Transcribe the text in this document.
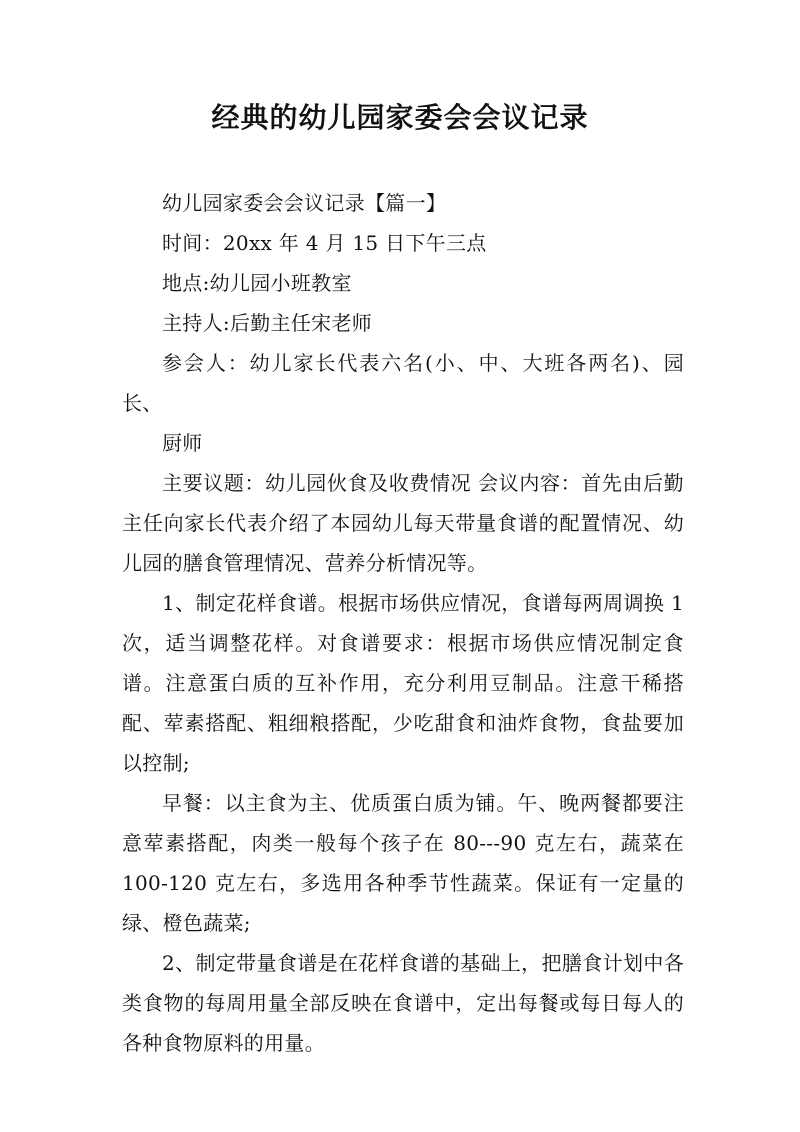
经典的幼儿园家委会会议记录

幼儿园家委会会议记录【篇一】

时间：20xx 年 4 月 15 日下午三点

地点:幼儿园小班教室

主持人:后勤主任宋老师

参会人：幼儿家长代表六名(小、中、大班各两名)、园长、

厨师

主要议题：幼儿园伙食及收费情况 会议内容：首先由后勤主任向家长代表介绍了本园幼儿每天带量食谱的配置情况、幼儿园的膳食管理情况、营养分析情况等。

1、制定花样食谱。根据市场供应情况，食谱每两周调换 1 次，适当调整花样。对食谱要求：根据市场供应情况制定食谱。注意蛋白质的互补作用，充分利用豆制品。注意干稀搭配、荤素搭配、粗细粮搭配，少吃甜食和油炸食物，食盐要加以控制;

早餐：以主食为主、优质蛋白质为铺。午、晚两餐都要注意荤素搭配，肉类一般每个孩子在 80---90 克左右，蔬菜在 100-120 克左右，多选用各种季节性蔬菜。保证有一定量的绿、橙色蔬菜;

2、制定带量食谱是在花样食谱的基础上，把膳食计划中各类食物的每周用量全部反映在食谱中，定出每餐或每日每人的各种食物原料的用量。
